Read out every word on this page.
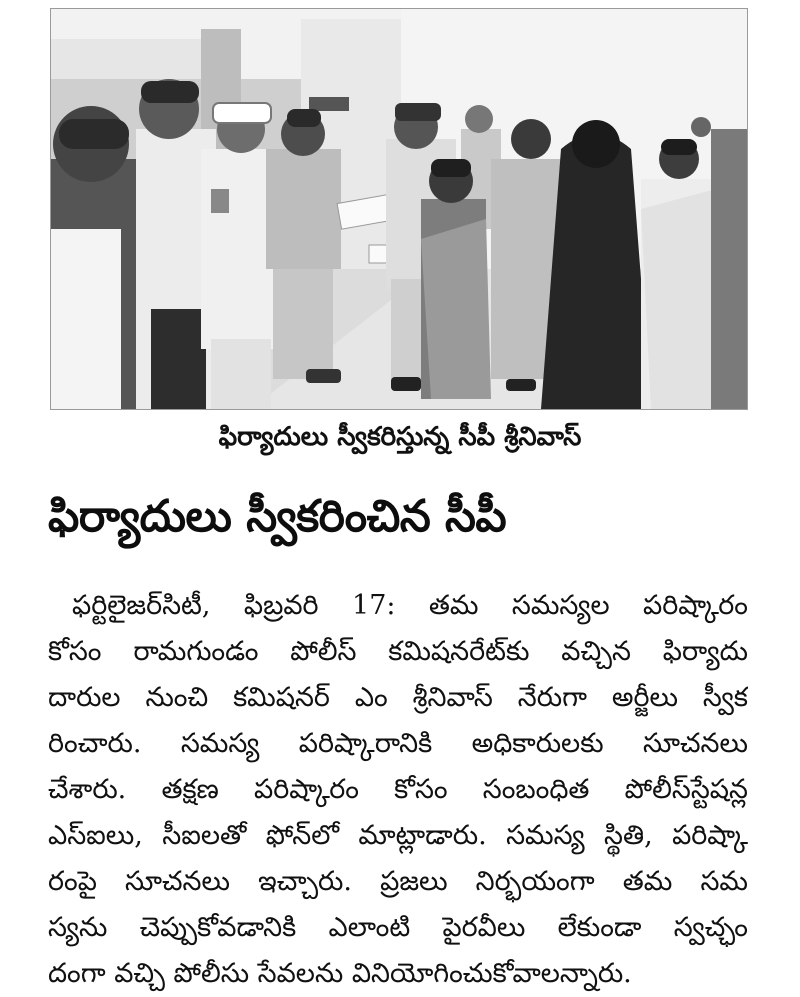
ఫిర్యాదులు స్వీకరిస్తున్న సీపీ శ్రీనివాస్
ఫిర్యాదులు స్వీకరించిన సీపీ
ఫర్టిలైజర్‌సిటీ, ఫిబ్రవరి 17: తమ సమస్యల పరిష్కారం
కోసం రామగుండం పోలీస్ కమిషనరేట్‌కు వచ్చిన ఫిర్యాదు
దారుల నుంచి కమిషనర్ ఎం శ్రీనివాస్ నేరుగా అర్జీలు స్వీక
రించారు. సమస్య పరిష్కారానికి అధికారులకు సూచనలు
చేశారు. తక్షణ పరిష్కారం కోసం సంబంధిత పోలీస్‌స్టేషన్ల
ఎస్ఐలు, సీఐలతో ఫోన్‌లో మాట్లాడారు. సమస్య స్థితి, పరిష్కా
రంపై సూచనలు ఇచ్చారు. ప్రజలు నిర్భయంగా తమ సమ
స్యను చెప్పుకోవడానికి ఎలాంటి పైరవీలు లేకుండా స్వచ్ఛం
దంగా వచ్చి పోలీసు సేవలను వినియోగించుకోవాలన్నారు.
